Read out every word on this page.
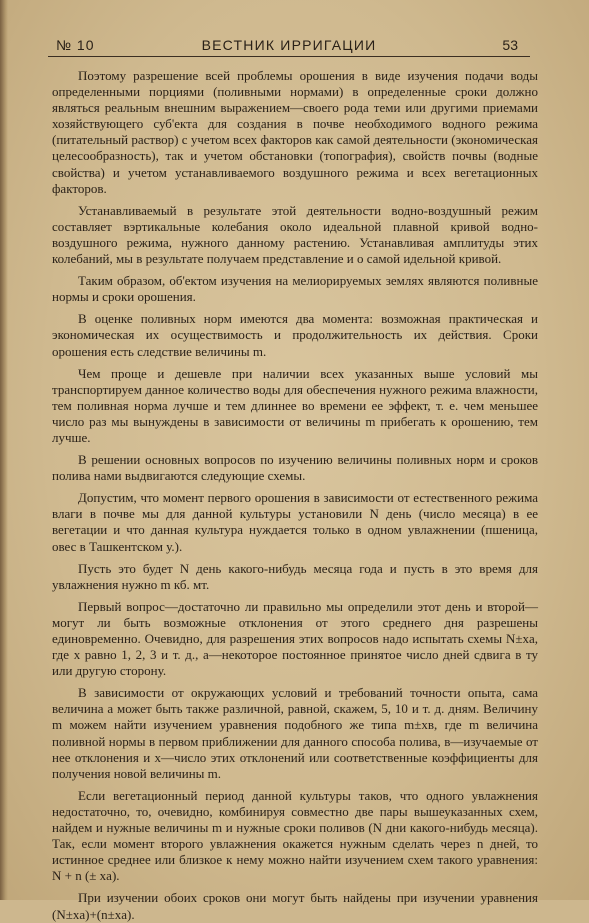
№ 10	ВЕСТНИК ИРРИГАЦИИ	53

Поэтому разрешение всей проблемы орошения в виде изучения подачи воды определенными порциями (поливными нормами) в определенные сроки должно являться реальным внешним выражением—своего рода теми или другими приемами хозяйствующего суб'екта для создания в почве необходимого водного режима (питательный раствор) с учетом всех факторов как самой деятельности (экономическая целесообразность), так и учетом обстановки (топография), свойств почвы (водные свойства) и учетом устанавливаемого воздушного режима и всех вегетационных факторов.

Устанавливаемый в результате этой деятельности водно-воздушный режим составляет вэртикальные колебания около идеальной плавной кривой водно-воздушного режима, нужного данному растению. Устанавливая амплитуды этих колебаний, мы в результате получаем представление и о самой идельной кривой.

Таким образом, об'ектом изучения на мелиорируемых землях являются поливные нормы и сроки орошения.

В оценке поливных норм имеются два момента: возможная практическая и экономическая их осуществимость и продолжительность их действия. Сроки орошения есть следствие величины m.

Чем проще и дешевле при наличии всех указанных выше условий мы транспортируем данное количество воды для обеспечения нужного режима влажности, тем поливная норма лучше и тем длиннее во времени ее эффект, т. е. чем меньшее число раз мы вынуждены в зависимости от величины m прибегать к орошению, тем лучше.

В решении основных вопросов по изучению величины поливных норм и сроков полива нами выдвигаются следующие схемы.

Допустим, что момент первого орошения в зависимости от естественного режима влаги в почве мы для данной культуры установили N день (число месяца) в ее вегетации и что данная культура нуждается только в одном увлажнении (пшеница, овес в Ташкентском у.).

Пусть это будет N день какого-нибудь месяца года и пусть в это время для увлажнения нужно m кб. мт.

Первый вопрос—достаточно ли правильно мы определили этот день и второй—могут ли быть возможные отклонения от этого среднего дня разрешены единовременно. Очевидно, для разрешения этих вопросов надо испытать схемы N±xa, где x равно 1, 2, 3 и т. д., a—некоторое постоянное принятое число дней сдвига в ту или другую сторону.

В зависимости от окружающих условий и требований точности опыта, сама величина a может быть также различной, равной, скажем, 5, 10 и т. д. дням. Величину m можем найти изучением уравнения подобного же типа m±xв, где m величина поливной нормы в первом приближении для данного способа полива, в—изучаемые от нее отклонения и x—число этих отклонений или соответственные коэффициенты для получения новой величины m.

Если вегетационный период данной культуры таков, что одного увлажнения недостаточно, то, очевидно, комбинируя совместно две пары вышеуказанных схем, найдем и нужные величины m и нужные сроки поливов (N дни какого-нибудь месяца). Так, если момент второго увлажнения окажется нужным сделать через n дней, то истинное среднее или близкое к нему можно найти изучением схем такого уравнения: N + n (± xa).

При изучении обоих сроков они могут быть найдены при изучении уравнения (N±xa)+(n±xa).
